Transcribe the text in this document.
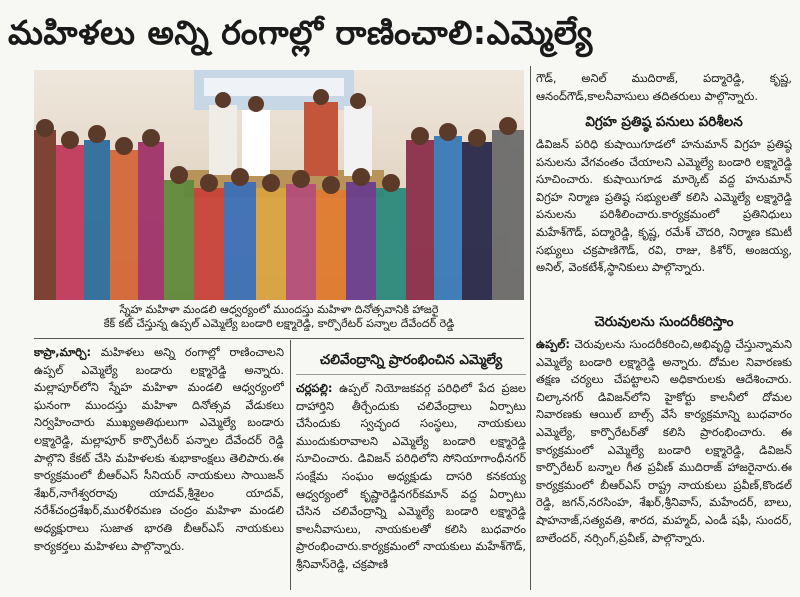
మహిళలు అన్ని రంగాల్లో రాణించాలి:ఎమ్మెల్యే
స్నేహ మహిళా మండలి ఆధ్వర్యంలో ముందస్తు మహిళా దినోత్సవానికి హాజరై
కేక్ కట్ చేస్తున్న ఉప్పల్ ఎమ్మెల్యే బండారి లక్ష్మారెడ్డి, కార్పొరేటర్ పన్నాల దేవేందర్ రెడ్డి

కాప్రా,మార్చి: మహిళలు అన్ని రంగాల్లో రాణించాలని ఉప్పల్ ఎమ్మెల్యే బండారు లక్ష్మారెడ్డి అన్నారు. మల్లాపూర్‌లోని స్నేహ మహిళా మండలి ఆధ్వర్యంలో ఘనంగా ముందస్తు మహిళా దినోత్సవ వేడుకలు నిర్వహించారు ముఖ్యఅతిథులుగా ఎమ్మెల్యే బండారు లక్ష్మారెడ్డి, మల్లాపూర్ కార్పొరేటర్ పన్నాల దేవేందర్ రెడ్డి పాల్గొని కేకట్ చేసి మహిళలకు శుభాకాంక్షలు తెలిపారు.ఈ కార్యక్రమంలో బీఆర్ఎస్ సీనియర్ నాయకులు సాయిజన్ శేఖర్,నాగేశ్వరరావు యాదవ్,శ్రీశైలం యాదవ్, నరేశ్‌చంద్రశేఖర్,మురళీరమణ చంద్రం మహిళా మండలి అధ్యక్షురాలు సుజాత భారతి బీఆర్ఎస్ నాయకులు కార్యకర్తలు మహిళలు పాల్గొన్నారు.

చలివేంద్రాన్ని ప్రారంభించిన ఎమ్మెల్యే

చర్లపల్లి: ఉప్పల్ నియోజకవర్గ పరిధిలో పేద ప్రజల దాహార్తిని తీర్చేందుకు చలివేంద్రాలు ఏర్పాటు చేసేందుకు స్వచ్ఛంద సంస్థలు, నాయకులు ముందుకురావాలని ఎమ్మెల్యే బండారి లక్ష్మారెడ్డి సూచించారు. డివిజన్ పరిధిలోని సోనియాగాంధీనగర్ సంక్షేమ సంఘం అధ్యక్షుడు దాసరి కనకయ్య ఆధ్వర్యంలో కృష్ణారెడ్డినగర్‌కమాన్ వద్ద ఏర్పాటు చేసిన చలివేంద్రాన్ని ఎమ్మెల్యే బండారి లక్ష్మారెడ్డి కాలనీవాసులు, నాయకులతో కలిసి బుధవారం ప్రారంభించారు.కార్యక్రమంలో నాయకులు మహేశ్‌గౌడ్, శ్రీనివాస్‌రెడ్డి, చక్రపాణి

గౌడ్, అనిల్ ముదిరాజ్, పద్మారెడ్డి, కృష్ణ, ఆనంద్‌గౌడ్,కాలనీవాసులు తదితరులు పాల్గొన్నారు.

విగ్రహ ప్రతిష్ఠ పనులు పరిశీలన

డివిజన్ పరిధి కుషాయిగూడలో హనుమాన్ విగ్రహ ప్రతిష్ఠ పనులను వేగవంతం చేయాలని ఎమ్మెల్యే బండారి లక్ష్మారెడ్డి సూచించారు. కుషాయిగూడ మార్కెట్ వద్ద హనుమాన్ విగ్రహ నిర్మాణ ప్రతిష్ఠ సభ్యులతో కలిసి ఎమ్మెల్యే లక్ష్మారెడ్డి పనులను పరిశీలించారు.కార్యక్రమంలో ప్రతినిధులు మహేశ్‌గౌడ్, పద్మారెడ్డి, కృష్ణ, రమేశ్ చౌదరి, నిర్మాణ కమిటీ సభ్యులు చక్రపాణిగౌడ్, రవి, రాజు, కిశోర్, అంజయ్య, అనిల్, వెంకటేశ్,స్థానికులు పాల్గొన్నారు.

చెరువులను సుందరీకరిస్తాం

ఉప్పల్: చెరువులను సుందరీకరించి,అభివృద్ధి చేస్తున్నామని ఎమ్మెల్యే బండారి లక్ష్మారెడ్డి అన్నారు. దోమల నివారణకు తక్షణ చర్యలు చేపట్టాలని అధికారులకు ఆదేశించారు. చిల్కానగర్ డివిజన్‌లోని హైకోర్టు కాలనీలో దోమల నివారణకు ఆయిల్ బాల్స్ వేసే కార్యక్రమాన్ని బుధవారం ఎమ్మెల్యే, కార్పొరేటర్‌తో కలిసి ప్రారంభించారు. ఈ కార్యక్రమంలో ఎమ్మెల్యే బండారి లక్ష్మారెడ్డి, డివిజన్ కార్పొరేటర్ బన్నాల గీత ప్రవీణ్ ముదిరాజ్ హాజరైనారు.ఈ కార్యక్రమంలో బీఆర్ఎస్ రాష్ట్ర నాయకులు ప్రవీణ్,కొండల్ రెడ్డి, జగన్,నరసింహ, శేఖర్,శ్రీనివాస్, మహేందర్, బాలు, షాహనాజ్,సత్యవతి, శారద, మహ్మద్, ఎండీ షఫీ, సుందర్, బాలేందర్, నర్సింగ్,ప్రవీణ్, పాల్గొన్నారు.
